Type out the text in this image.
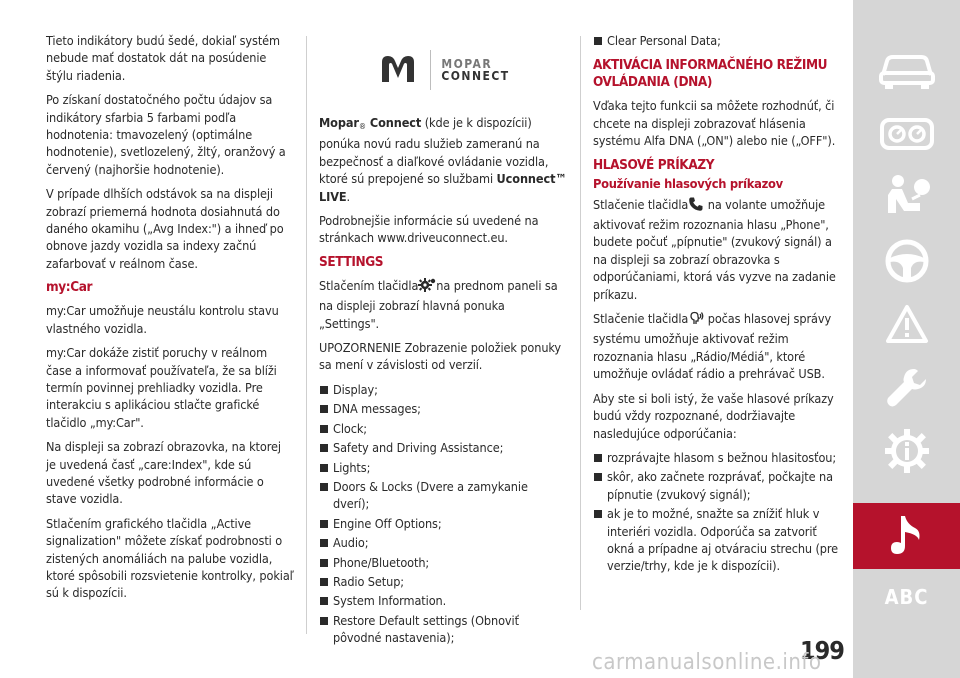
Tieto indikátory budú šedé, dokiaľ systém nebude mať dostatok dát na posúdenie štýlu riadenia.

Po získaní dostatočného počtu údajov sa indikátory sfarbia 5 farbami podľa hodnotenia: tmavozelený (optimálne hodnotenie), svetlozelený, žltý, oranžový a červený (najhoršie hodnotenie).

V prípade dlhších odstávok sa na displeji zobrazí priemerná hodnota dosiahnutá do daného okamihu („Avg Index:") a ihneď po obnove jazdy vozidla sa indexy začnú zafarbovať v reálnom čase.

my:Car

my:Car umožňuje neustálu kontrolu stavu vlastného vozidla.

my:Car dokáže zistiť poruchy v reálnom čase a informovať používateľa, že sa blíži termín povinnej prehliadky vozidla. Pre interakciu s aplikáciou stlačte grafické tlačidlo „my:Car".

Na displeji sa zobrazí obrazovka, na ktorej je uvedená časť „care:Index", kde sú uvedené všetky podrobné informácie o stave vozidla.

Stlačením grafického tlačidla „Active signalization" môžete získať podrobnosti o zistených anomáliách na palube vozidla, ktoré spôsobili rozsvietenie kontrolky, pokiaľ sú k dispozícii.

MOPAR
CONNECT

Mopar® Connect (kde je k dispozícii) ponúka novú radu služieb zameranú na bezpečnosť a diaľkové ovládanie vozidla, ktoré sú prepojené so službami Uconnect™ LIVE.

Podrobnejšie informácie sú uvedené na stránkach www.driveuconnect.eu.

SETTINGS

Stlačením tlačidla na prednom paneli sa na displeji zobrazí hlavná ponuka „Settings".

UPOZORNENIE Zobrazenie položiek ponuky sa mení v závislosti od verzií.

Display;
DNA messages;
Clock;
Safety and Driving Assistance;
Lights;
Doors & Locks (Dvere a zamykanie dverí);
Engine Off Options;
Audio;
Phone/Bluetooth;
Radio Setup;
System Information.
Restore Default settings (Obnoviť pôvodné nastavenia);
Clear Personal Data;
AKTIVÁCIA INFORMAČNÉHO REŽIMU OVLÁDANIA (DNA)

Vďaka tejto funkcii sa môžete rozhodnúť, či chcete na displeji zobrazovať hlásenia systému Alfa DNA („ON") alebo nie („OFF").

HLASOVÉ PRÍKAZY
Používanie hlasových príkazov

Stlačenie tlačidla na volante umožňuje aktivovať režim rozoznania hlasu „Phone", budete počuť „pípnutie" (zvukový signál) a na displeji sa zobrazí obrazovka s odporúčaniami, ktorá vás vyzve na zadanie príkazu.

Stlačenie tlačidla počas hlasovej správy systému umožňuje aktivovať režim rozoznania hlasu „Rádio/Médiá", ktoré umožňuje ovládať rádio a prehrávač USB.

Aby ste si boli istý, že vaše hlasové príkazy budú vždy rozpoznané, dodržiavajte nasledujúce odporúčania:

rozprávajte hlasom s bežnou hlasitosťou;
skôr, ako začnete rozprávať, počkajte na pípnutie (zvukový signál);
ak je to možné, snažte sa znížiť hluk v interiéri vozidla. Odporúča sa zatvoriť okná a prípadne aj otváraciu strechu (pre verzie/trhy, kde je k dispozícii).
ABC
199
carmanualsonline.info
